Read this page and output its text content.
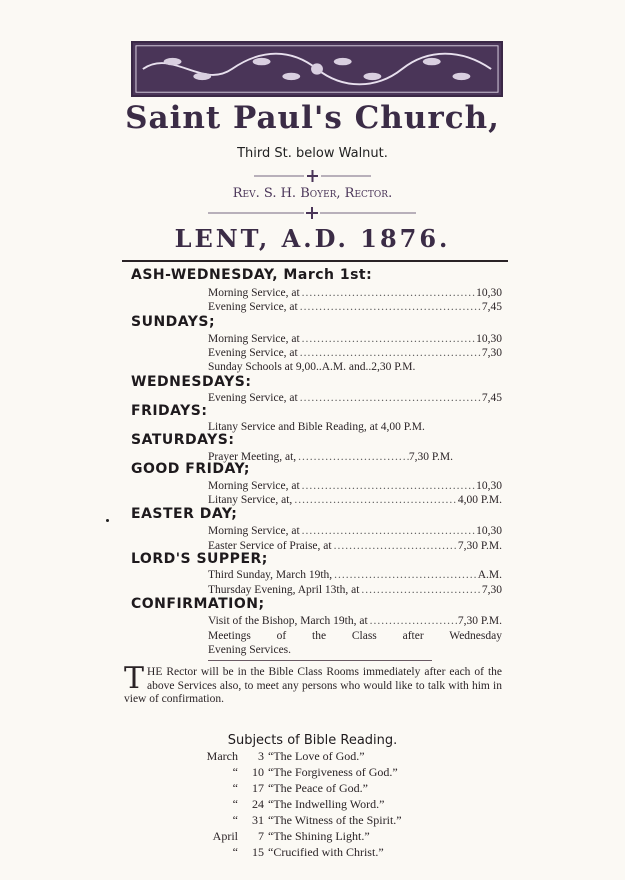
Saint Paul's Church,
Third St. below Walnut.
Rev. S. H. Boyer, Rector.
LENT, A.D. 1876.
ASH-WEDNESDAY, March 1st:
Morning Service, at .....	10,30
Evening Service, at .....	7,45
SUNDAYS;
Morning Service, at .....	10,30
Evening Service, at .....	7,30
Sunday Schools at 9,00..A.M. and..2,30 P.M.
WEDNESDAYS:
Evening Service, at .....	7,45
FRIDAYS:
Litany Service and Bible Reading, at 4,00 P.M.
SATURDAYS:
Prayer Meeting, at, .....	7,30 P.M.
GOOD FRIDAY;
Morning Service, at .....	10,30
Litany Service, at, .....	4,00 P.M.
EASTER DAY;
Morning Service, at .....	10,30
Easter Service of Praise, at .....	7,30 P.M.
LORD'S SUPPER;
Third Sunday, March 19th, .....	A.M.
Thursday Evening, April 13th, at .....	7,30
CONFIRMATION;
Visit of the Bishop, March 19th, at .....	7,30 P.M.
Meetings of the Class after Wednesday
Evening Services.
THE Rector will be in the Bible Class Rooms immediately after each of the above Services also, to meet any persons who would like to talk with him in view of confirmation.
Subjects of Bible Reading.
March 3 “The Love of God.”
“ 10 “The Forgiveness of God.”
“ 17 “The Peace of God.”
“ 24 “The Indwelling Word.”
“ 31 “The Witness of the Spirit.”
April 7 “The Shining Light.”
“ 15 “Crucified with Christ.”
